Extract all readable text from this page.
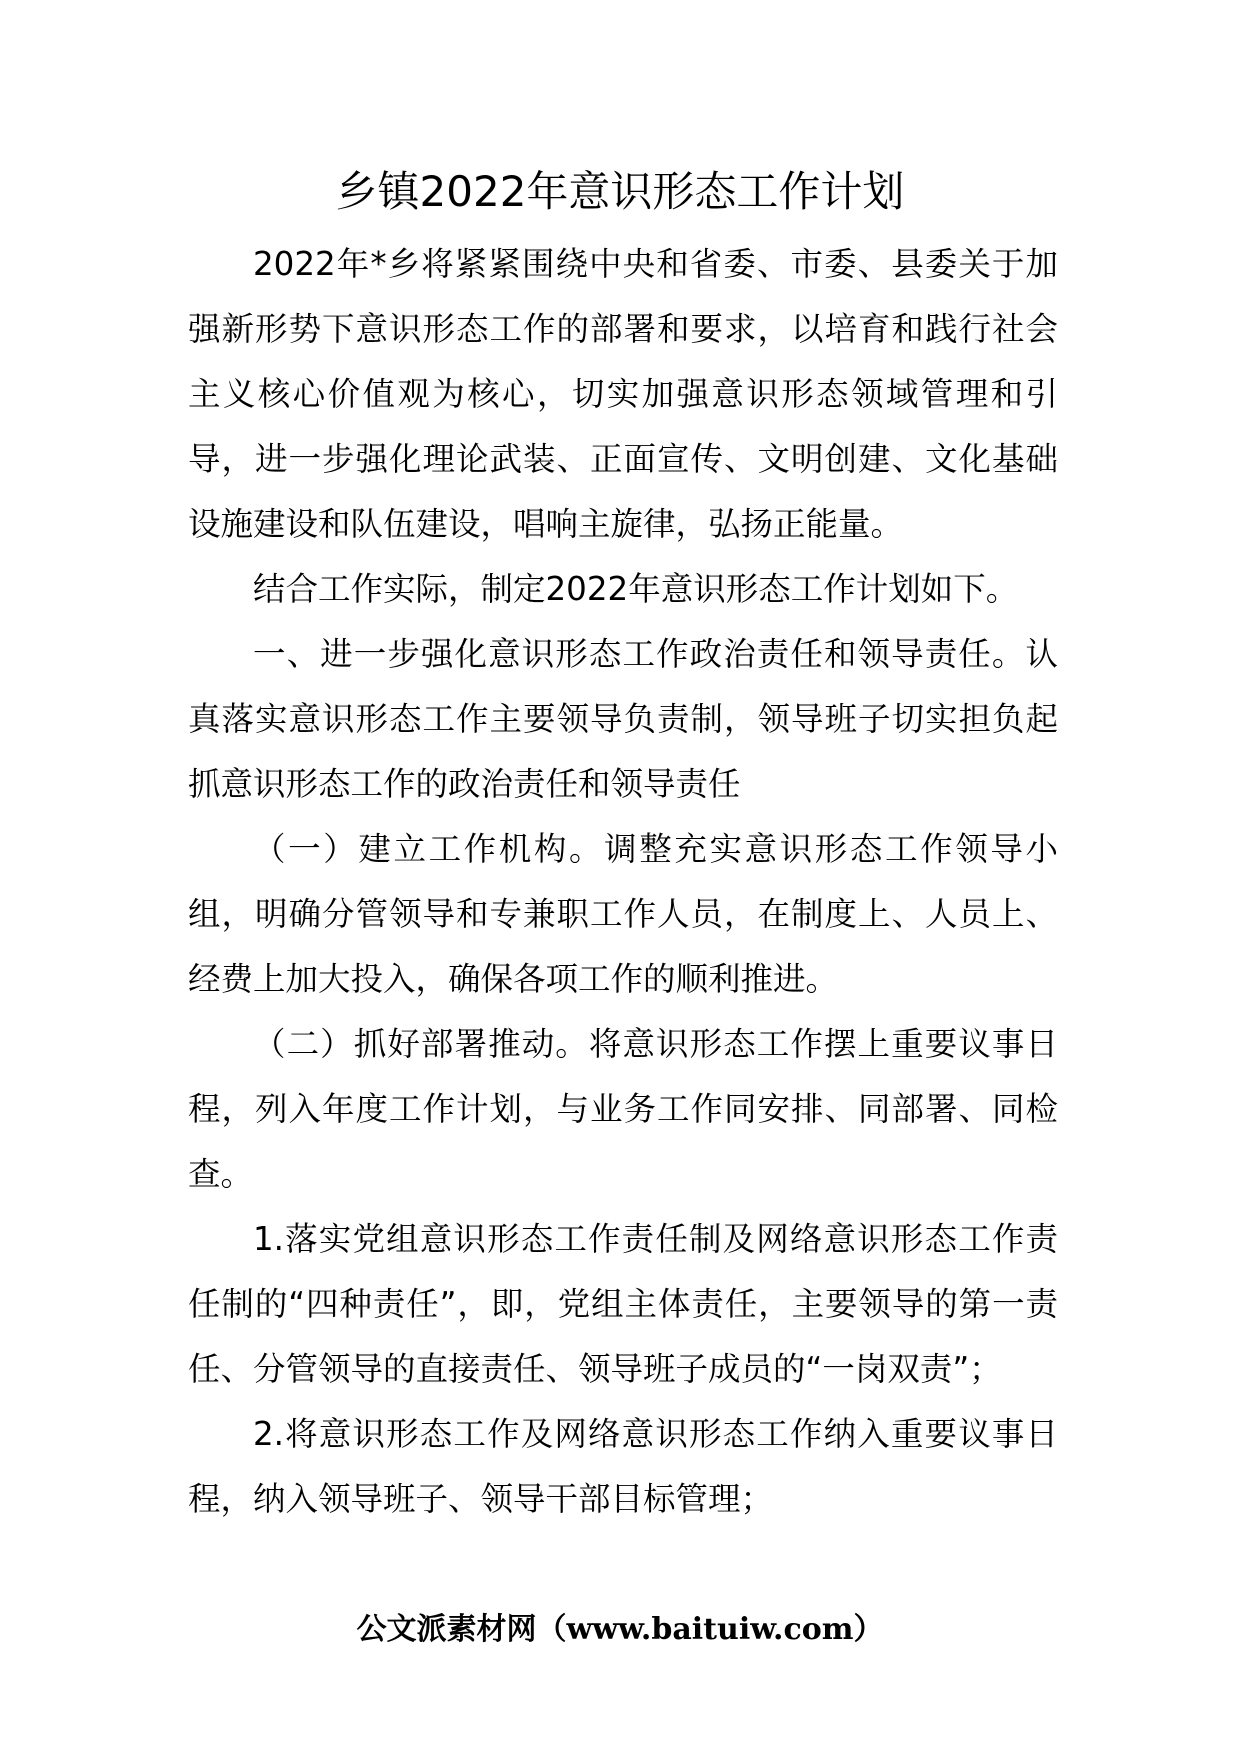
乡镇2022年意识形态工作计划

2022年*乡将紧紧围绕中央和省委、市委、县委关于加强新形势下意识形态工作的部署和要求，以培育和践行社会主义核心价值观为核心，切实加强意识形态领域管理和引导，进一步强化理论武装、正面宣传、文明创建、文化基础设施建设和队伍建设，唱响主旋律，弘扬正能量。

结合工作实际，制定2022年意识形态工作计划如下。

一、进一步强化意识形态工作政治责任和领导责任。认真落实意识形态工作主要领导负责制，领导班子切实担负起抓意识形态工作的政治责任和领导责任

（一）建立工作机构。调整充实意识形态工作领导小组，明确分管领导和专兼职工作人员，在制度上、人员上、经费上加大投入，确保各项工作的顺利推进。

（二）抓好部署推动。将意识形态工作摆上重要议事日程，列入年度工作计划，与业务工作同安排、同部署、同检查。

1.落实党组意识形态工作责任制及网络意识形态工作责任制的“四种责任”，即，党组主体责任，主要领导的第一责任、分管领导的直接责任、领导班子成员的“一岗双责”；

2.将意识形态工作及网络意识形态工作纳入重要议事日程，纳入领导班子、领导干部目标管理；

公文派素材网（www.baituiw.com）
